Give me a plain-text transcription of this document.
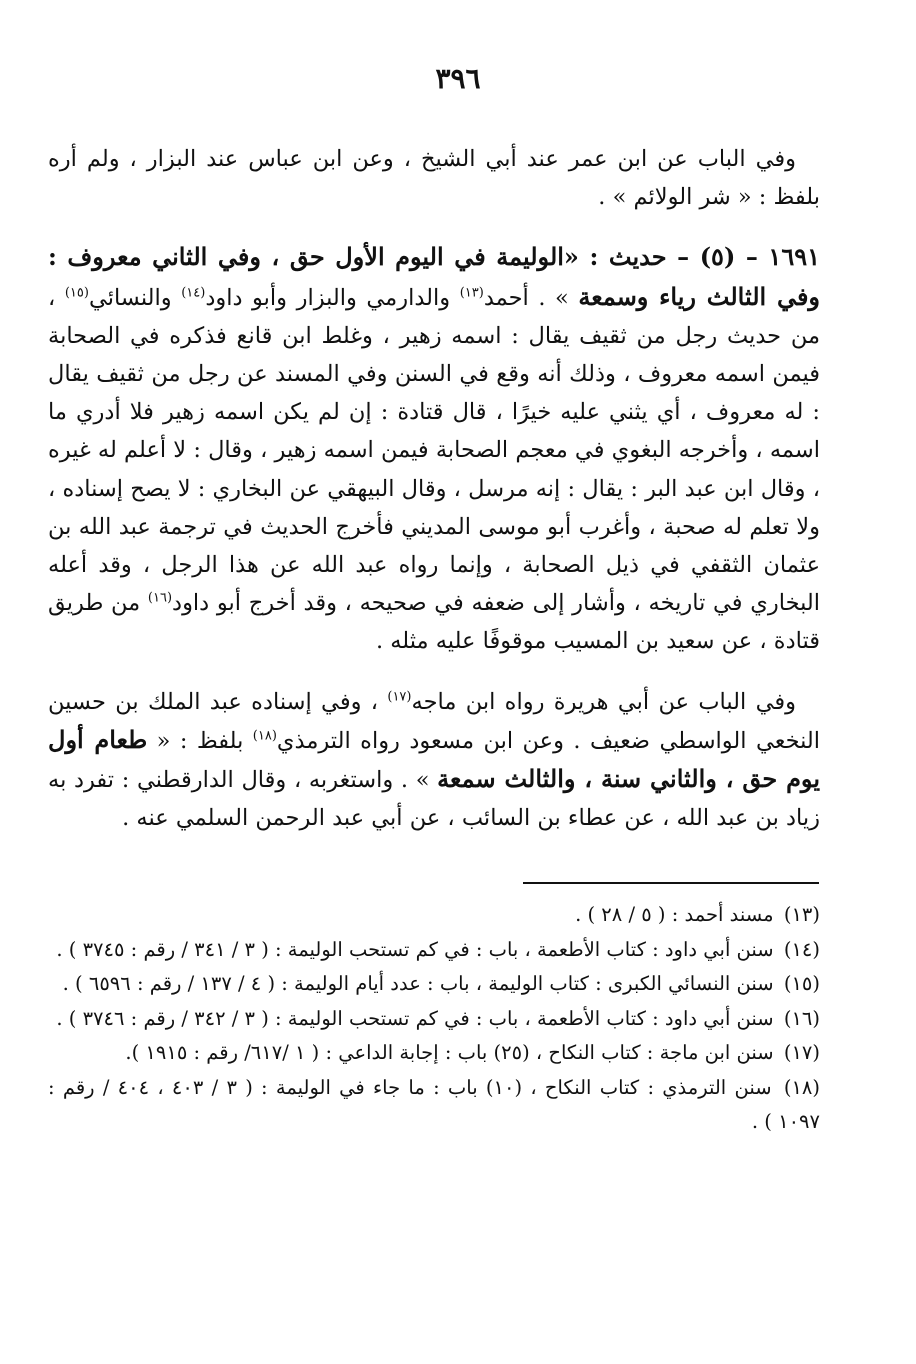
٣٩٦

وفي الباب عن ابن عمر عند أبي الشيخ ، وعن ابن عباس عند البزار ، ولم أره بلفظ : « شر الولائم » .

١٦٩١ – (٥) – حديث : «الوليمة في اليوم الأول حق ، وفي الثاني معروف : وفي الثالث رياء وسمعة » . أحمد$^{(١٣)}$ والدارمي والبزار وأبو داود$^{(١٤)}$ والنسائي$^{(١٥)}$ ، من حديث رجل من ثقيف يقال : اسمه زهير ، وغلط ابن قانع فذكره في الصحابة فيمن اسمه معروف ، وذلك أنه وقع في السنن وفي المسند عن رجل من ثقيف يقال : له معروف ، أي يثني عليه خيرًا ، قال قتادة : إن لم يكن اسمه زهير فلا أدري ما اسمه ، وأخرجه البغوي في معجم الصحابة فيمن اسمه زهير ، وقال : لا أعلم له غيره ، وقال ابن عبد البر : يقال : إنه مرسل ، وقال البيهقي عن البخاري : لا يصح إسناده ، ولا تعلم له صحبة ، وأغرب أبو موسى المديني فأخرج الحديث في ترجمة عبد الله بن عثمان الثقفي في ذيل الصحابة ، وإنما رواه عبد الله عن هذا الرجل ، وقد أعله البخاري في تاريخه ، وأشار إلى ضعفه في صحيحه ، وقد أخرج أبو داود$^{(١٦)}$ من طريق قتادة ، عن سعيد بن المسيب موقوفًا عليه مثله .

وفي الباب عن أبي هريرة رواه ابن ماجه$^{(١٧)}$ ، وفي إسناده عبد الملك بن حسين النخعي الواسطي ضعيف . وعن ابن مسعود رواه الترمذي$^{(١٨)}$ بلفظ : « طعام أول يوم حق ، والثاني سنة ، والثالث سمعة » . واستغربه ، وقال الدارقطني : تفرد به زياد بن عبد الله ، عن عطاء بن السائب ، عن أبي عبد الرحمن السلمي عنه .

(١٣) مسند أحمد : ( ٥ / ٢٨ ) .

(١٤) سنن أبي داود : كتاب الأطعمة ، باب : في كم تستحب الوليمة : ( ٣ / ٣٤١ / رقم : ٣٧٤٥ ) .

(١٥) سنن النسائي الكبرى : كتاب الوليمة ، باب : عدد أيام الوليمة : ( ٤ / ١٣٧ / رقم : ٦٥٩٦ ) .

(١٦) سنن أبي داود : كتاب الأطعمة ، باب : في كم تستحب الوليمة : ( ٣ / ٣٤٢ / رقم : ٣٧٤٦ ) .

(١٧) سنن ابن ماجة : كتاب النكاح ، (٢٥) باب : إجابة الداعي : ( ١ /٦١٧/ رقم : ١٩١٥ ).

(١٨) سنن الترمذي : كتاب النكاح ، (١٠) باب : ما جاء في الوليمة : ( ٣ / ٤٠٣ ، ٤٠٤ / رقم : ١٠٩٧ ) .
